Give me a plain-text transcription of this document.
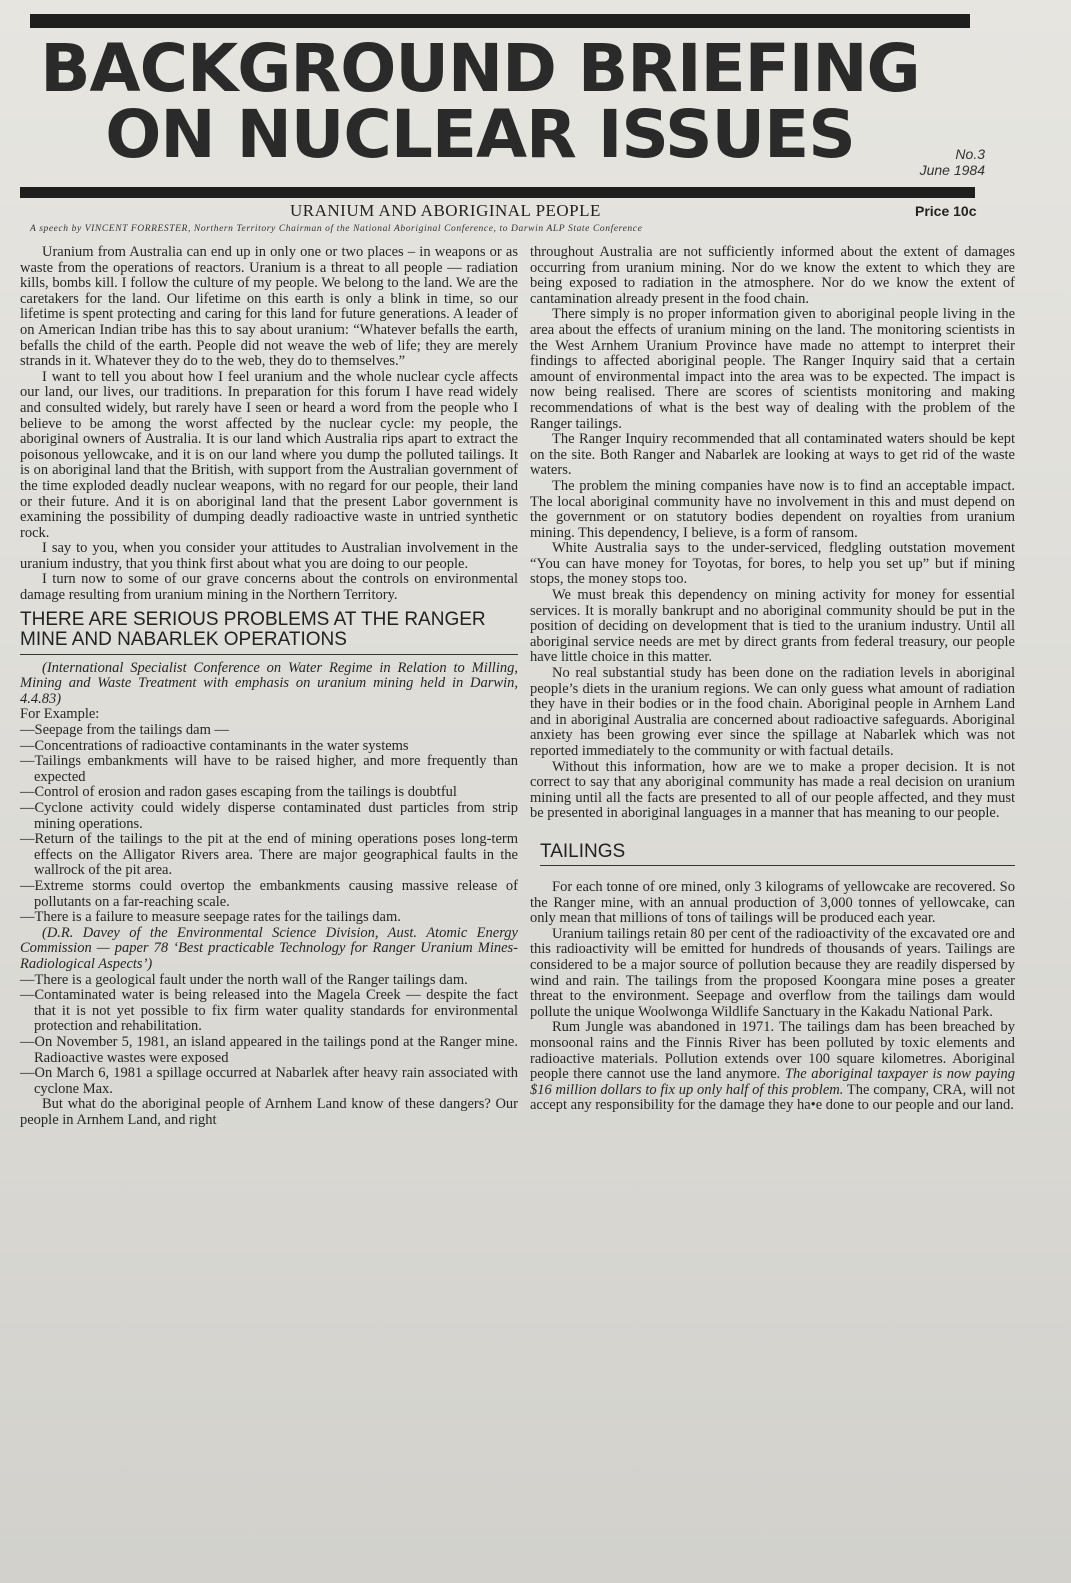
BACKGROUND BRIEFING
ON NUCLEAR ISSUES	No.3
June 1984
URANIUM AND ABORIGINAL PEOPLE	Price 10c
A speech by VINCENT FORRESTER, Northern Territory Chairman of the National Aboriginal Conference, to Darwin ALP State Conference

Uranium from Australia can end up in only one or two places – in weapons or as waste from the operations of reactors. Uranium is a threat to all people — radiation kills, bombs kill. I follow the culture of my people. We belong to the land. We are the caretakers for the land. Our lifetime on this earth is only a blink in time, so our lifetime is spent protecting and caring for this land for future generations. A leader of on American Indian tribe has this to say about uranium: “Whatever befalls the earth, befalls the child of the earth. People did not weave the web of life; they are merely strands in it. Whatever they do to the web, they do to themselves.”

I want to tell you about how I feel uranium and the whole nuclear cycle affects our land, our lives, our traditions. In preparation for this forum I have read widely and consulted widely, but rarely have I seen or heard a word from the people who I believe to be among the worst affected by the nuclear cycle: my people, the aboriginal owners of Australia. It is our land which Australia rips apart to extract the poisonous yellowcake, and it is on our land where you dump the polluted tailings. It is on aboriginal land that the British, with support from the Australian government of the time exploded deadly nuclear weapons, with no regard for our people, their land or their future. And it is on aboriginal land that the present Labor government is examining the possibility of dumping deadly radioactive waste in untried synthetic rock.

I say to you, when you consider your attitudes to Australian involvement in the uranium industry, that you think first about what you are doing to our people.

I turn now to some of our grave concerns about the controls on environmental damage resulting from uranium mining in the Northern Territory.

THERE ARE SERIOUS PROBLEMS AT THE RANGER MINE AND NABARLEK OPERATIONS

(International Specialist Conference on Water Regime in Relation to Milling, Mining and Waste Treatment with emphasis on uranium mining held in Darwin, 4.4.83)

For Example:

— Seepage from the tailings dam —
— Concentrations of radioactive contaminants in the water systems
— Tailings embankments will have to be raised higher, and more frequently than expected
— Control of erosion and radon gases escaping from the tailings is doubtful
— Cyclone activity could widely disperse contaminated dust particles from strip mining operations.
— Return of the tailings to the pit at the end of mining operations poses long-term effects on the Alligator Rivers area. There are major geographical faults in the wallrock of the pit area.
— Extreme storms could overtop the embankments causing massive release of pollutants on a far-reaching scale.
— There is a failure to measure seepage rates for the tailings dam.

(D.R. Davey of the Environmental Science Division, Aust. Atomic Energy Commission — paper 78 ‘Best practicable Technology for Ranger Uranium Mines- Radiological Aspects’)

— There is a geological fault under the north wall of the Ranger tailings dam.
— Contaminated water is being released into the Magela Creek — despite the fact that it is not yet possible to fix firm water quality standards for environmental protection and rehabilitation.
— On November 5, 1981, an island appeared in the tailings pond at the Ranger mine. Radioactive wastes were exposed
— On March 6, 1981 a spillage occurred at Nabarlek after heavy rain associated with cyclone Max.

But what do the aboriginal people of Arnhem Land know of these dangers? Our people in Arnhem Land, and right

throughout Australia are not sufficiently informed about the extent of damages occurring from uranium mining. Nor do we know the extent to which they are being exposed to radiation in the atmosphere. Nor do we know the extent of cantamination already present in the food chain.

There simply is no proper information given to aboriginal people living in the area about the effects of uranium mining on the land. The monitoring scientists in the West Arnhem Uranium Province have made no attempt to interpret their findings to affected aboriginal people. The Ranger Inquiry said that a certain amount of environmental impact into the area was to be expected. The impact is now being realised. There are scores of scientists monitoring and making recommendations of what is the best way of dealing with the problem of the Ranger tailings.

The Ranger Inquiry recommended that all contaminated waters should be kept on the site. Both Ranger and Nabarlek are looking at ways to get rid of the waste waters.

The problem the mining companies have now is to find an acceptable impact. The local aboriginal community have no involvement in this and must depend on the government or on statutory bodies dependent on royalties from uranium mining. This dependency, I believe, is a form of ransom.

White Australia says to the under-serviced, fledgling outstation movement “You can have money for Toyotas, for bores, to help you set up” but if mining stops, the money stops too.

We must break this dependency on mining activity for money for essential services. It is morally bankrupt and no aboriginal community should be put in the position of deciding on development that is tied to the uranium industry. Until all aboriginal service needs are met by direct grants from federal treasury, our people have little choice in this matter.

No real substantial study has been done on the radiation levels in aboriginal people’s diets in the uranium regions. We can only guess what amount of radiation they have in their bodies or in the food chain. Aboriginal people in Arnhem Land and in aboriginal Australia are concerned about radioactive safeguards. Aboriginal anxiety has been growing ever since the spillage at Nabarlek which was not reported immediately to the community or with factual details.

Without this information, how are we to make a proper decision. It is not correct to say that any aboriginal community has made a real decision on uranium mining until all the facts are presented to all of our people affected, and they must be presented in aboriginal languages in a manner that has meaning to our people.

TAILINGS

For each tonne of ore mined, only 3 kilograms of yellowcake are recovered. So the Ranger mine, with an annual production of 3,000 tonnes of yellowcake, can only mean that millions of tons of tailings will be produced each year.

Uranium tailings retain 80 per cent of the radioactivity of the excavated ore and this radioactivity will be emitted for hundreds of thousands of years. Tailings are considered to be a major source of pollution because they are readily dispersed by wind and rain. The tailings from the proposed Koongara mine poses a greater threat to the environment. Seepage and overflow from the tailings dam would pollute the unique Woolwonga Wildlife Sanctuary in the Kakadu National Park.

Rum Jungle was abandoned in 1971. The tailings dam has been breached by monsoonal rains and the Finnis River has been polluted by toxic elements and radioactive materials. Pollution extends over 100 square kilometres. Aboriginal people there cannot use the land anymore. The aboriginal taxpayer is now paying $16 million dollars to fix up only half of this problem. The company, CRA, will not accept any responsibility for the damage they ha•e done to our people and our land.
